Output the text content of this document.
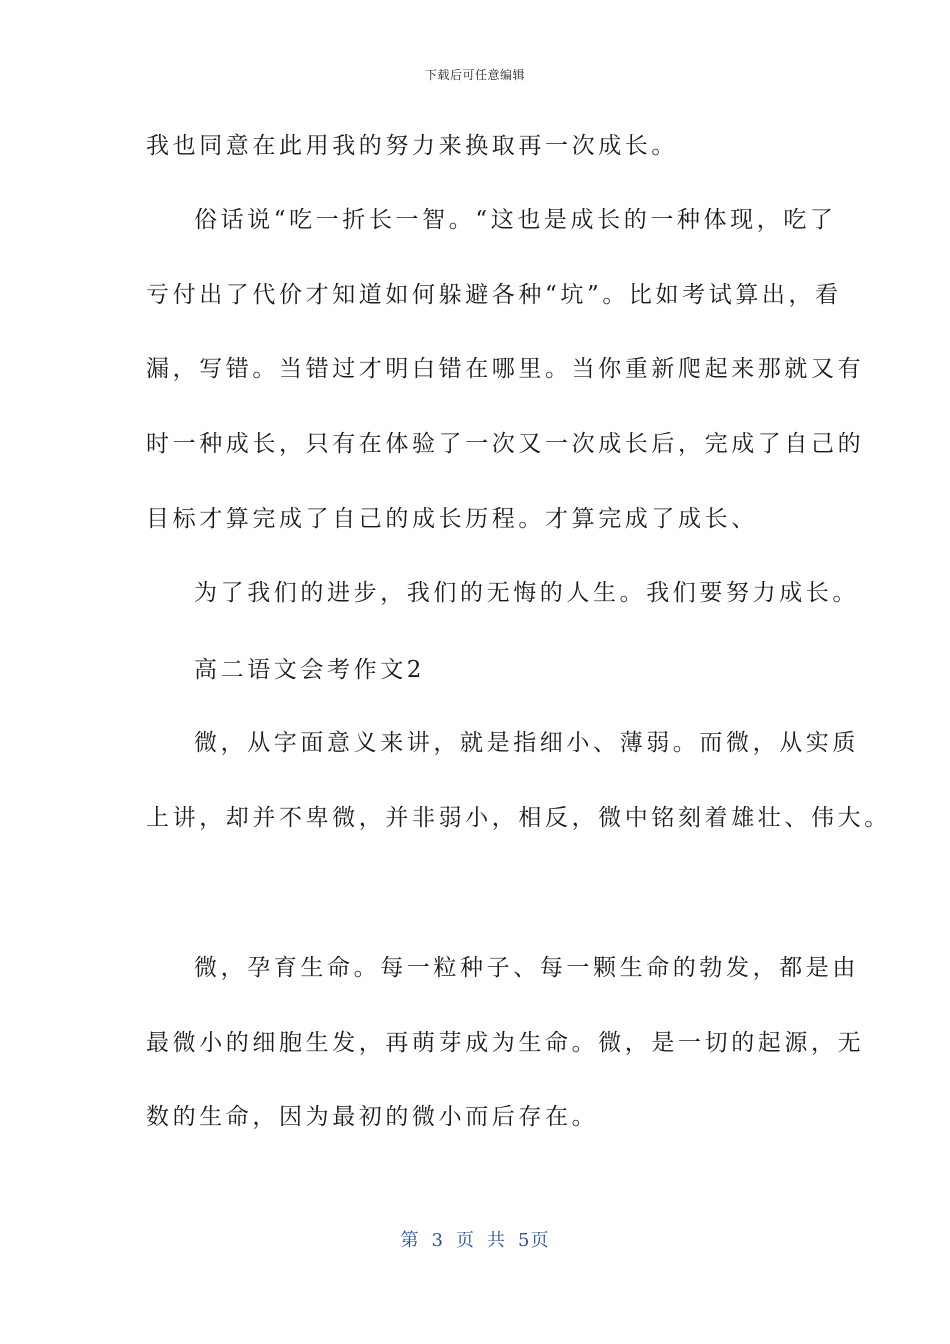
下载后可任意编辑
我也同意在此用我的努力来换取再一次成长。
俗话说“吃一折长一智。“这也是成长的一种体现，吃了
亏付出了代价才知道如何躲避各种“坑”。比如考试算出，看
漏，写错。当错过才明白错在哪里。当你重新爬起来那就又有
时一种成长，只有在体验了一次又一次成长后，完成了自己的
目标才算完成了自己的成长历程。才算完成了成长、
为了我们的进步，我们的无悔的人生。我们要努力成长。
高二语文会考作文2
微，从字面意义来讲，就是指细小、薄弱。而微，从实质
上讲，却并不卑微，并非弱小，相反，微中铭刻着雄壮、伟大。
微，孕育生命。每一粒种子、每一颗生命的勃发，都是由
最微小的细胞生发，再萌芽成为生命。微，是一切的起源，无
数的生命，因为最初的微小而后存在。
第 3 页 共 5页
